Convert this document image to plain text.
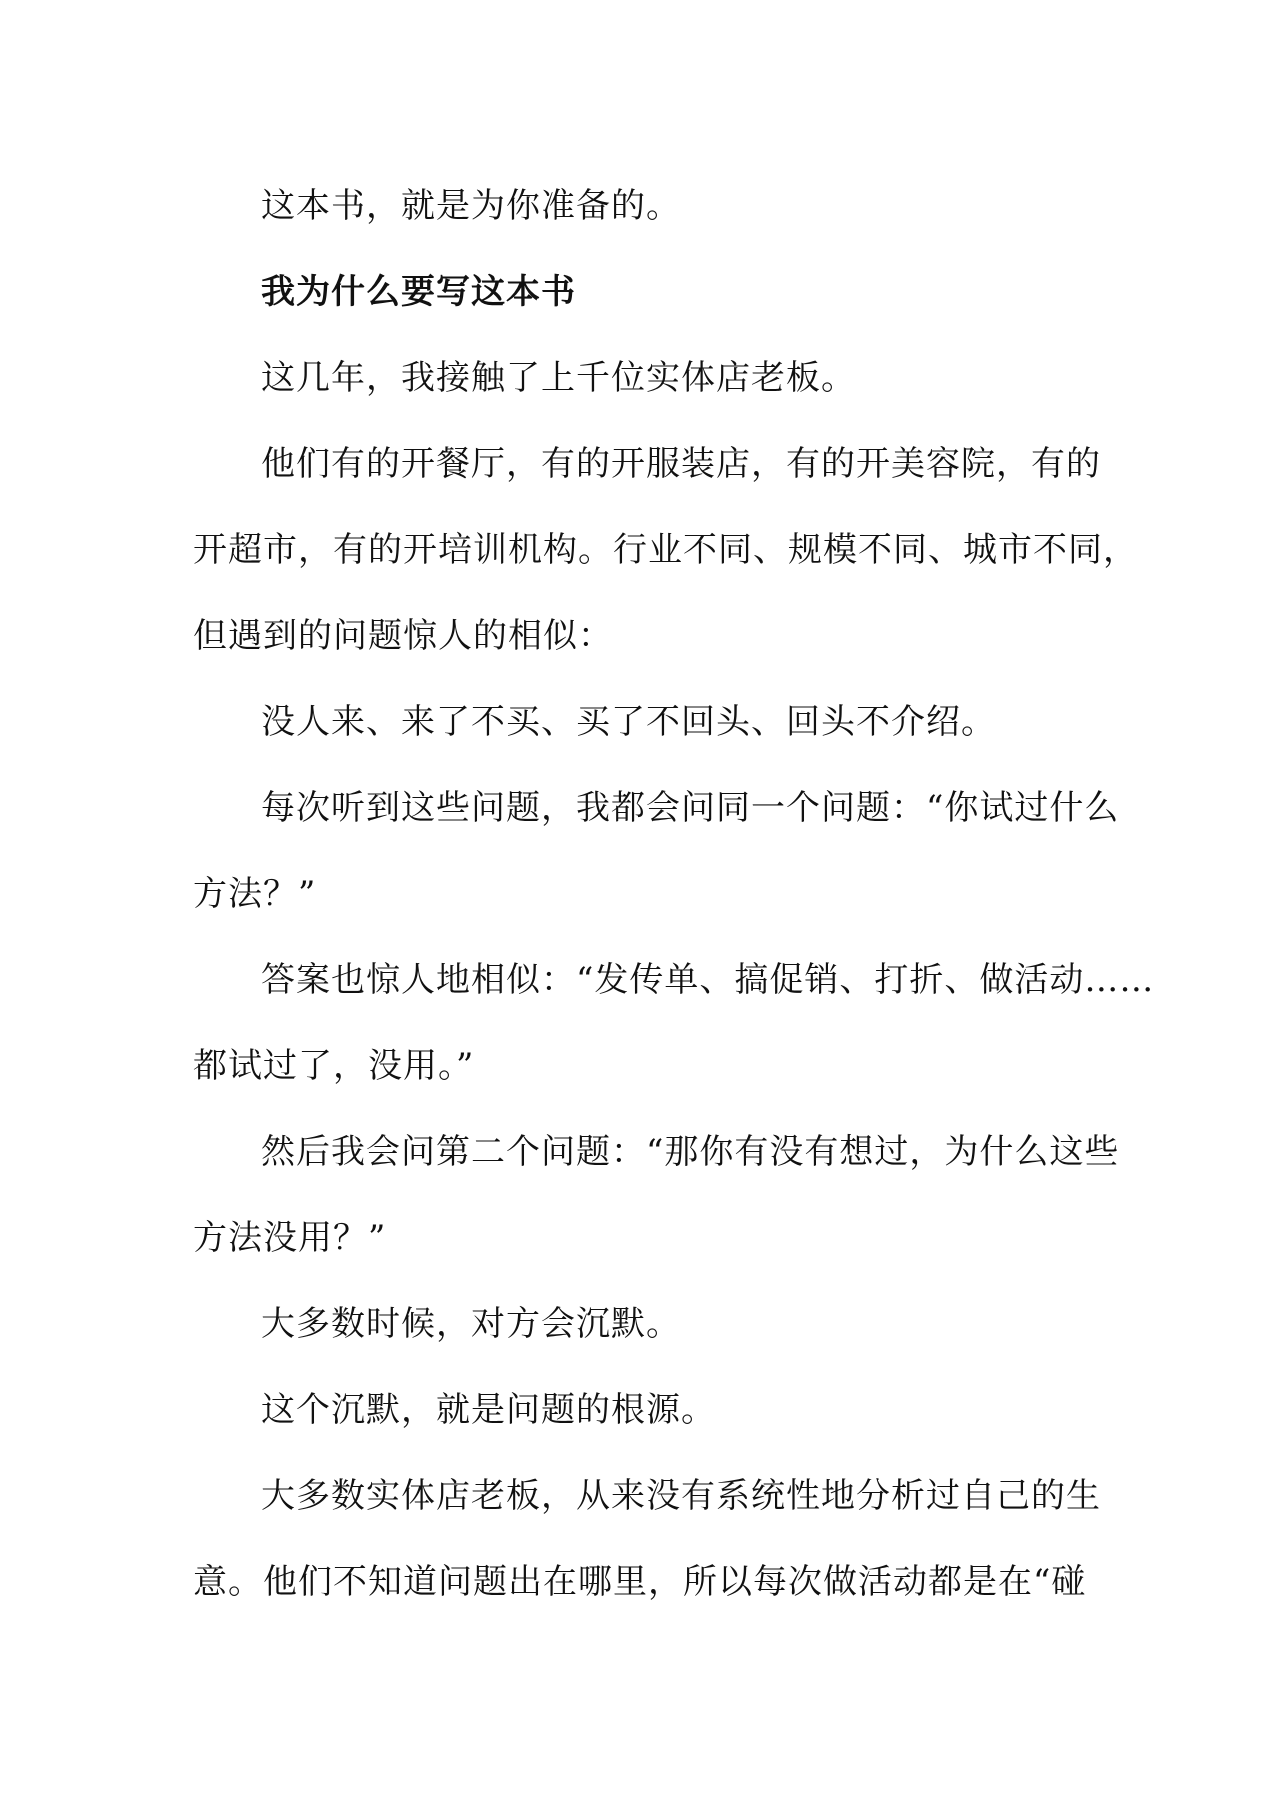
这本书，就是为你准备的。
我为什么要写这本书
这几年，我接触了上千位实体店老板。
他们有的开餐厅，有的开服装店，有的开美容院，有的
开超市，有的开培训机构。行业不同、规模不同、城市不同，
但遇到的问题惊人的相似：
没人来、来了不买、买了不回头、回头不介绍。
每次听到这些问题，我都会问同一个问题：“你试过什么
方法？”
答案也惊人地相似：“发传单、搞促销、打折、做活动……
都试过了，没用。”
然后我会问第二个问题：“那你有没有想过，为什么这些
方法没用？”
大多数时候，对方会沉默。
这个沉默，就是问题的根源。
大多数实体店老板，从来没有系统性地分析过自己的生
意。他们不知道问题出在哪里，所以每次做活动都是在“碰
